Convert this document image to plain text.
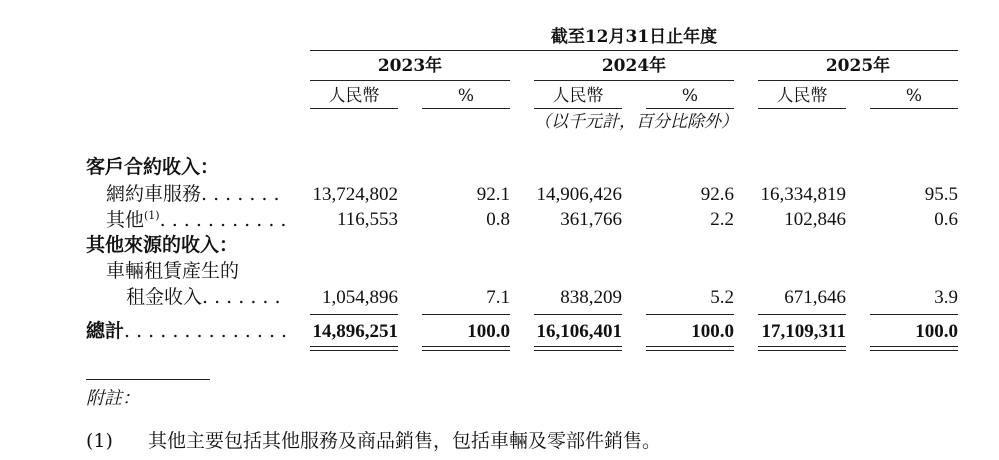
截至12月31日止年度
2023年	2024年	2025年
人民幣	%	人民幣	%	人民幣	%
（以千元計，百分比除外）
客戶合約收入：
網約車服務. . . . . . .	13,724,802	92.1	14,906,426	92.6	16,334,819	95.5
其他$^{(1)}$. . . . . . . . . . .	116,553	0.8	361,766	2.2	102,846	0.6
其他來源的收入：
車輛租賃產生的
租金收入. . . . . . .	1,054,896	7.1	838,209	5.2	671,646	3.9
總計. . . . . . . . . . . . . .	14,896,251	100.0	16,106,401	100.0	17,109,311	100.0
附註：
(1) 其他主要包括其他服務及商品銷售，包括車輛及零部件銷售。
